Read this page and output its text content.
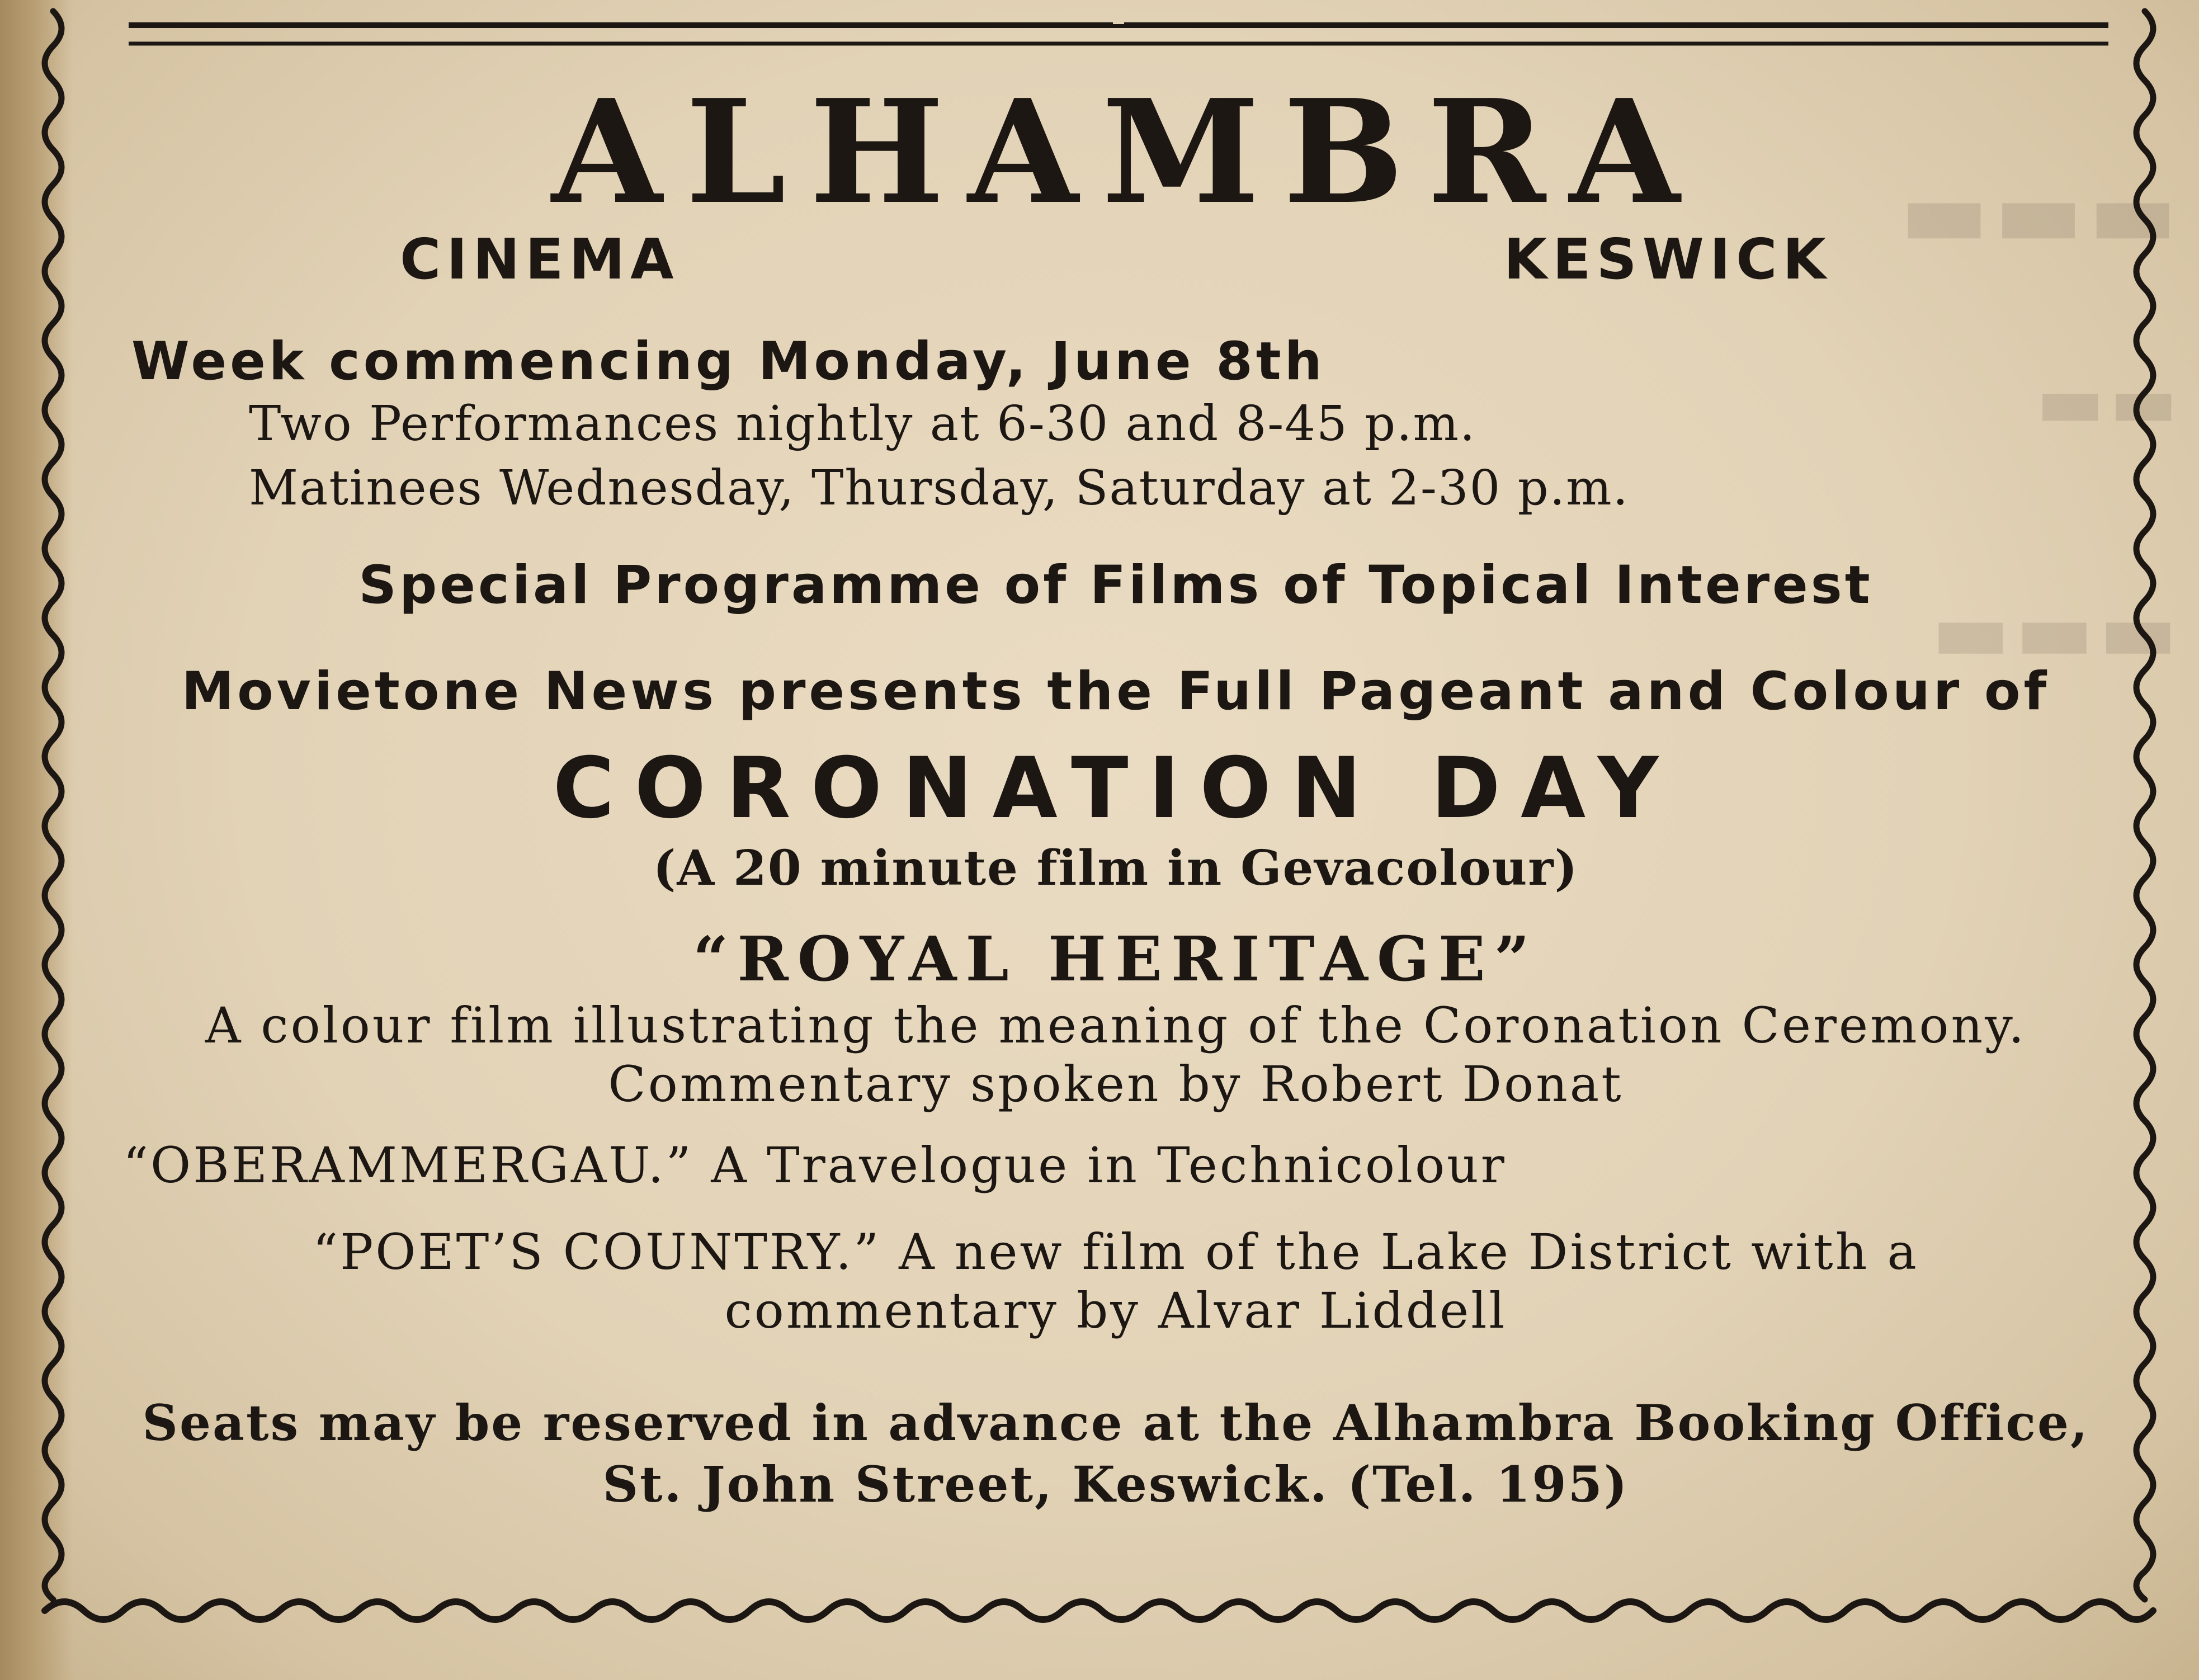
▬▬▬
▬▬
▬▬▬
ALHAMBRA
CINEMA	KESWICK
Week commencing Monday, June 8th
Two Performances nightly at 6-30 and 8-45 p.m.
Matinees Wednesday, Thursday, Saturday at 2-30 p.m.
Special Programme of Films of Topical Interest
Movietone News presents the Full Pageant and Colour of
CORONATION DAY
(A 20 minute film in Gevacolour)
“ROYAL HERITAGE”
A colour film illustrating the meaning of the Coronation Ceremony.
Commentary spoken by Robert Donat
“OBERAMMERGAU.” A Travelogue in Technicolour
“POET’S COUNTRY.” A new film of the Lake District with a
commentary by Alvar Liddell
Seats may be reserved in advance at the Alhambra Booking Office,
St. John Street, Keswick. (Tel. 195)
